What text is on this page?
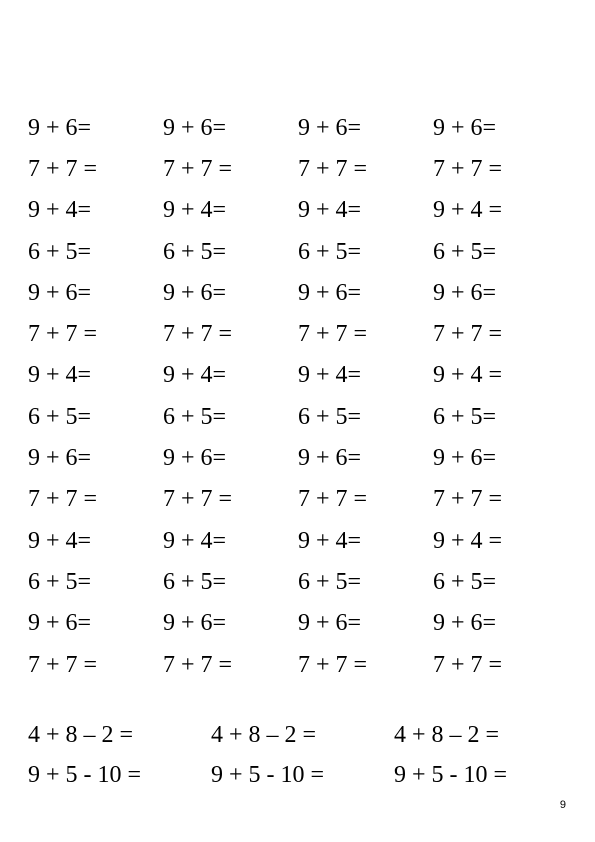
9 + 6=	9 + 6=	9 + 6=	9 + 6=
7 + 7 =	7 + 7 =	7 + 7 =	7 + 7 =
9 + 4=	9 + 4=	9 + 4=	9 + 4 =
6 + 5=	6 + 5=	6 + 5=	6 + 5=
9 + 6=	9 + 6=	9 + 6=	9 + 6=
7 + 7 =	7 + 7 =	7 + 7 =	7 + 7 =
9 + 4=	9 + 4=	9 + 4=	9 + 4 =
6 + 5=	6 + 5=	6 + 5=	6 + 5=
9 + 6=	9 + 6=	9 + 6=	9 + 6=
7 + 7 =	7 + 7 =	7 + 7 =	7 + 7 =
9 + 4=	9 + 4=	9 + 4=	9 + 4 =
6 + 5=	6 + 5=	6 + 5=	6 + 5=
9 + 6=	9 + 6=	9 + 6=	9 + 6=
7 + 7 =	7 + 7 =	7 + 7 =	7 + 7 =
4 + 8 – 2 =	4 + 8 – 2 =	4 + 8 – 2 =
9 + 5 - 10 =	9 + 5 - 10 =	9 + 5 - 10 =
9
